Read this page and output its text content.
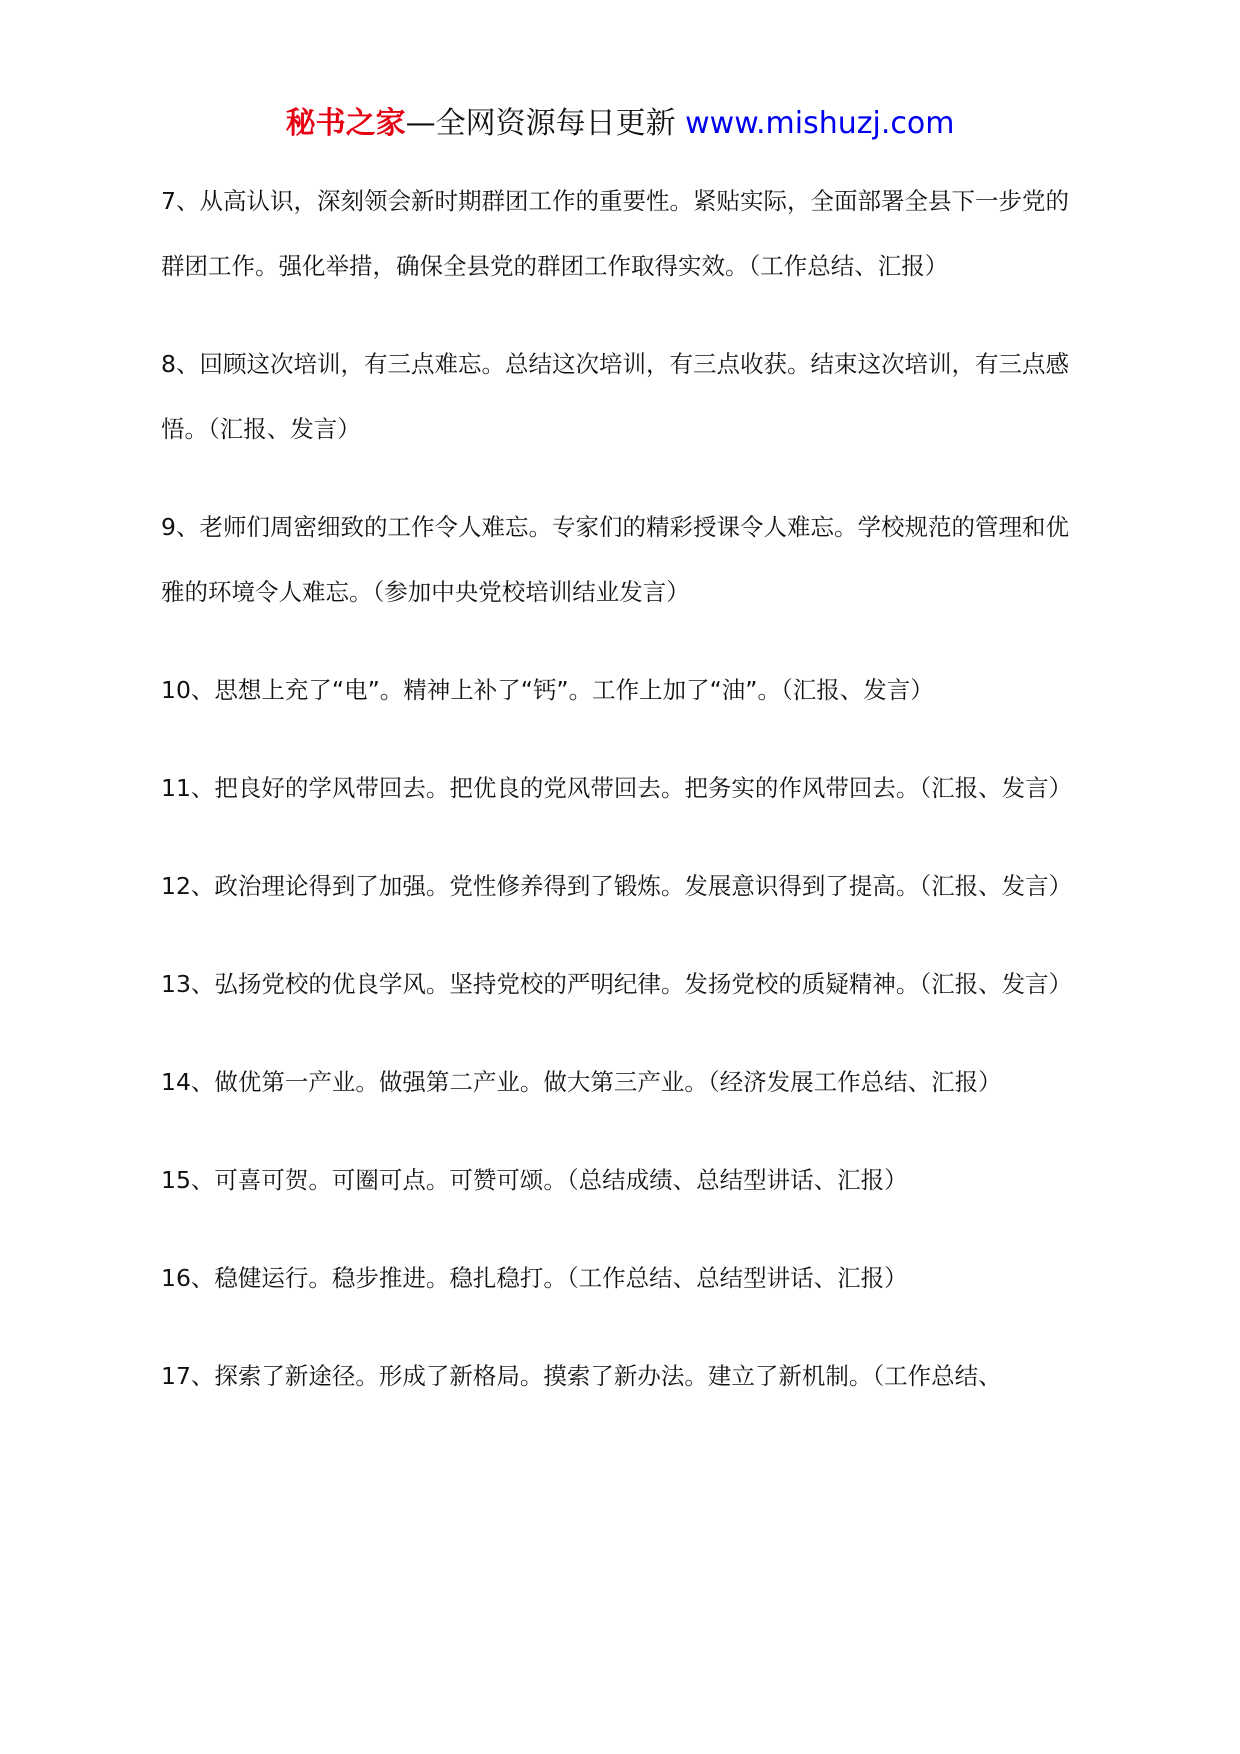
秘书之家—全网资源每日更新 www.mishuzj.com

7、从高认识，深刻领会新时期群团工作的重要性。紧贴实际，全面部署全县下一步党的群团工作。强化举措，确保全县党的群团工作取得实效。（工作总结、汇报）

8、回顾这次培训，有三点难忘。总结这次培训，有三点收获。结束这次培训，有三点感悟。（汇报、发言）

9、老师们周密细致的工作令人难忘。专家们的精彩授课令人难忘。学校规范的管理和优雅的环境令人难忘。（参加中央党校培训结业发言）

10、思想上充了“电”。精神上补了“钙”。工作上加了“油”。（汇报、发言）

11、把良好的学风带回去。把优良的党风带回去。把务实的作风带回去。（汇报、发言）

12、政治理论得到了加强。党性修养得到了锻炼。发展意识得到了提高。（汇报、发言）

13、弘扬党校的优良学风。坚持党校的严明纪律。发扬党校的质疑精神。（汇报、发言）

14、做优第一产业。做强第二产业。做大第三产业。（经济发展工作总结、汇报）

15、可喜可贺。可圈可点。可赞可颂。（总结成绩、总结型讲话、汇报）

16、稳健运行。稳步推进。稳扎稳打。（工作总结、总结型讲话、汇报）

17、探索了新途径。形成了新格局。摸索了新办法。建立了新机制。（工作总结、
